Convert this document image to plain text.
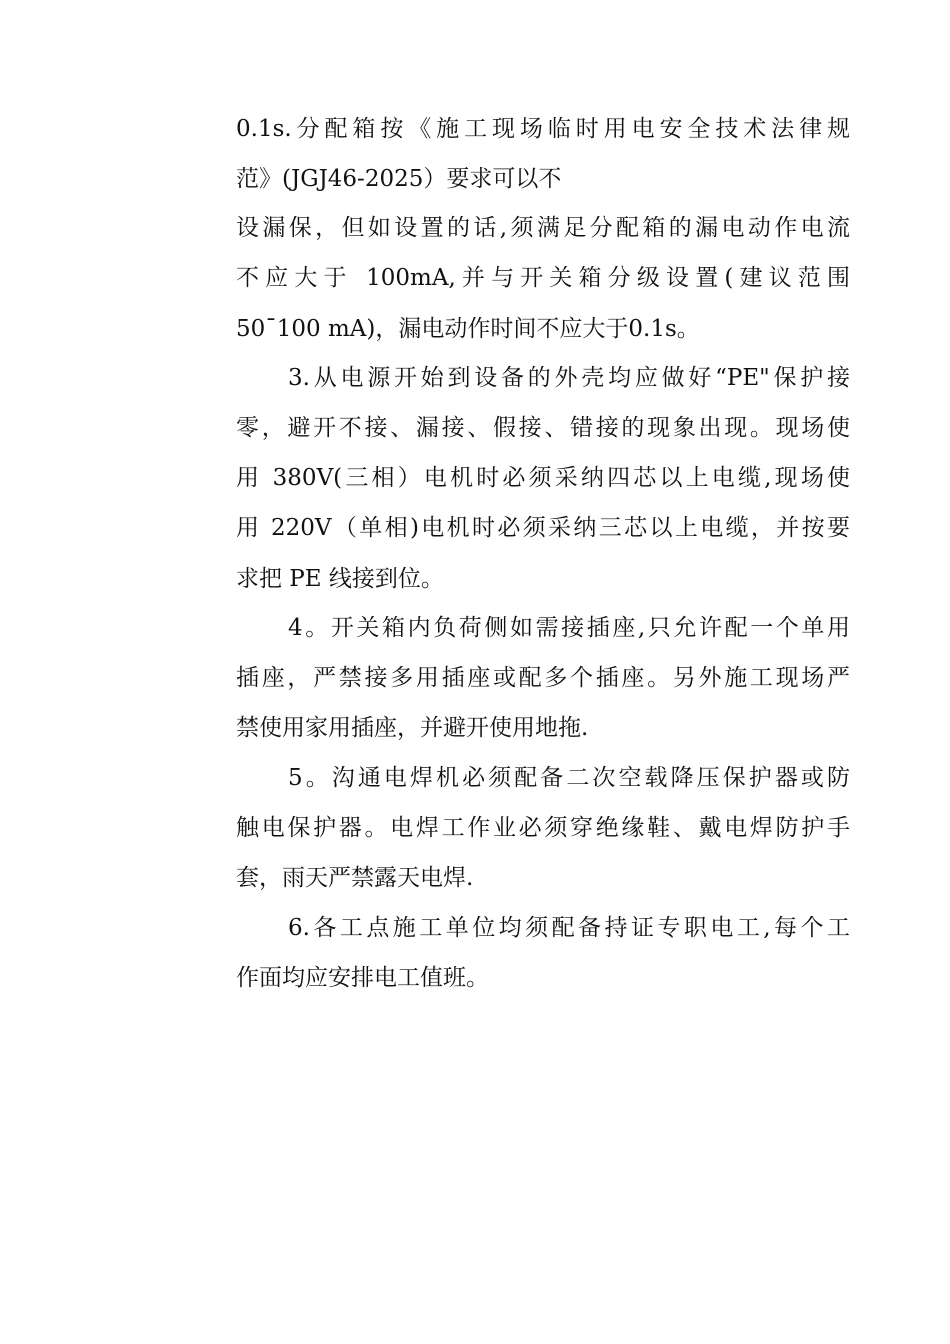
0.1s.分配箱按《施工现场临时用电安全技术法律规
范》(JGJ46-2025）要求可以不
设漏保，但如设置的话,须满足分配箱的漏电动作电流
不应大于 100mA,并与开关箱分级设置(建议范围
50¯100 mA)，漏电动作时间不应大于0.1s。
3.从电源开始到设备的外壳均应做好“PE"保护接
零，避开不接、漏接、假接、错接的现象出现。现场使
用 380V(三相）电机时必须采纳四芯以上电缆,现场使
用 220V（单相)电机时必须采纳三芯以上电缆，并按要
求把 PE 线接到位。
4。开关箱内负荷侧如需接插座,只允许配一个单用
插座，严禁接多用插座或配多个插座。另外施工现场严
禁使用家用插座，并避开使用地拖.
5。沟通电焊机必须配备二次空载降压保护器或防
触电保护器。电焊工作业必须穿绝缘鞋、戴电焊防护手
套，雨天严禁露天电焊.
6.各工点施工单位均须配备持证专职电工,每个工
作面均应安排电工值班。
